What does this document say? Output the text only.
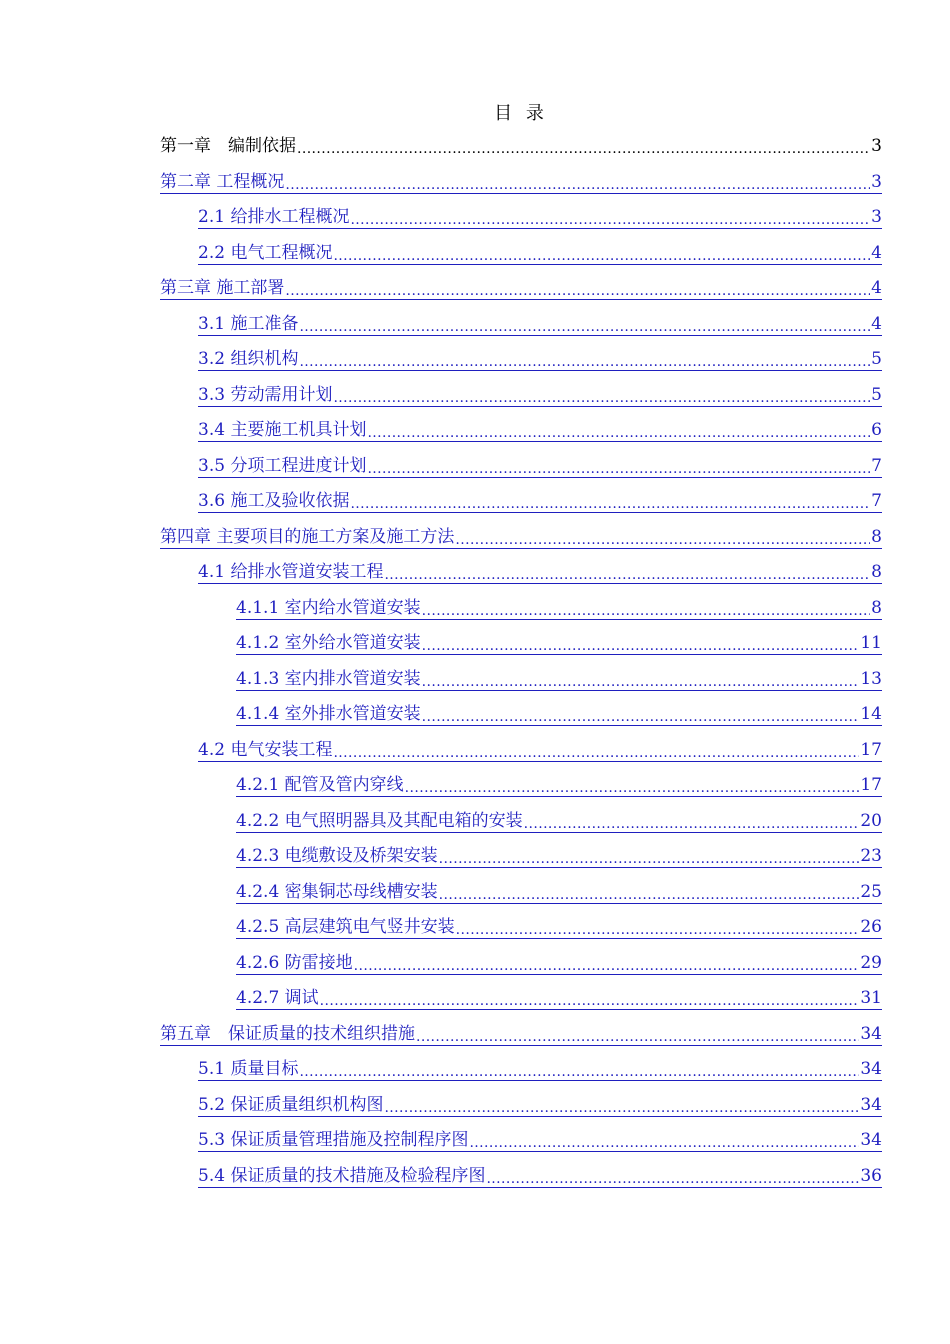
目 录
第一章　编制依据 .....	3
第二章 工程概况 .....	3
2.1 给排水工程概况 .....	3
2.2 电气工程概况 .....	4
第三章 施工部署 .....	4
3.1 施工准备 .....	4
3.2 组织机构 .....	5
3.3 劳动需用计划 .....	5
3.4 主要施工机具计划 .....	6
3.5 分项工程进度计划 .....	7
3.6 施工及验收依据 .....	7
第四章 主要项目的施工方案及施工方法 .....	8
4.1 给排水管道安装工程 .....	8
4.1.1 室内给水管道安装 .....	8
4.1.2 室外给水管道安装 .....	11
4.1.3 室内排水管道安装 .....	13
4.1.4 室外排水管道安装 .....	14
4.2 电气安装工程 .....	17
4.2.1 配管及管内穿线 .....	17
4.2.2 电气照明器具及其配电箱的安装 .....	20
4.2.3 电缆敷设及桥架安装 .....	23
4.2.4 密集铜芯母线槽安装 .....	25
4.2.5 高层建筑电气竖井安装 .....	26
4.2.6 防雷接地 .....	29
4.2.7 调试 .....	31
第五章　保证质量的技术组织措施 .....	34
5.1 质量目标 .....	34
5.2 保证质量组织机构图 .....	34
5.3 保证质量管理措施及控制程序图 .....	34
5.4 保证质量的技术措施及检验程序图 .....	36
